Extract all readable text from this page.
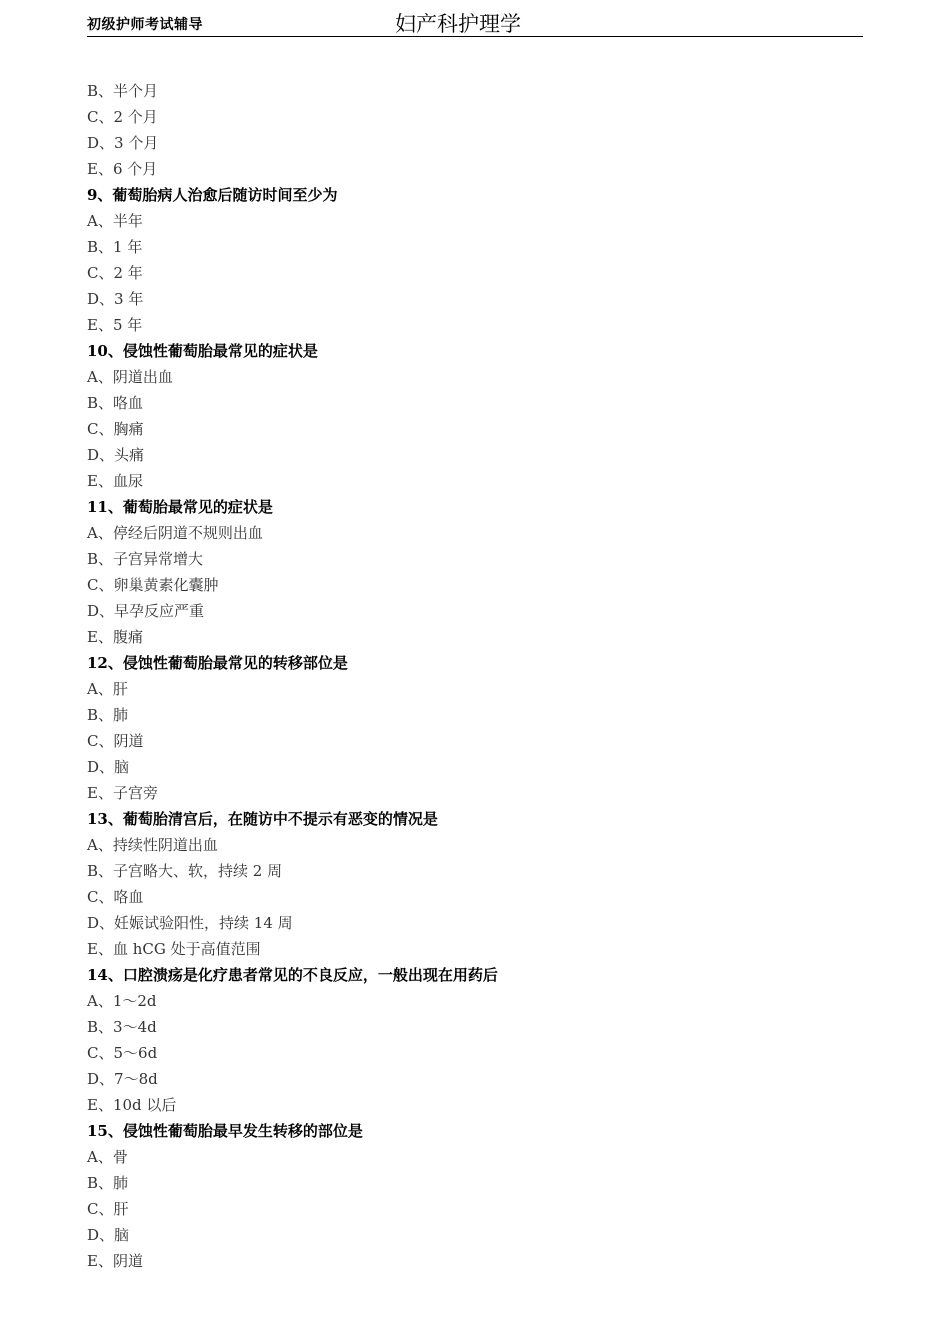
初级护师考试辅导	妇产科护理学
B、半个月
C、2 个月
D、3 个月
E、6 个月
9、葡萄胎病人治愈后随访时间至少为
A、半年
B、1 年
C、2 年
D、3 年
E、5 年
10、侵蚀性葡萄胎最常见的症状是
A、阴道出血
B、咯血
C、胸痛
D、头痛
E、血尿
11、葡萄胎最常见的症状是
A、停经后阴道不规则出血
B、子宫异常增大
C、卵巢黄素化囊肿
D、早孕反应严重
E、腹痛
12、侵蚀性葡萄胎最常见的转移部位是
A、肝
B、肺
C、阴道
D、脑
E、子宫旁
13、葡萄胎清宫后，在随访中不提示有恶变的情况是
A、持续性阴道出血
B、子宫略大、软，持续 2 周
C、咯血
D、妊娠试验阳性，持续 14 周
E、血 hCG 处于高值范围
14、口腔溃疡是化疗患者常见的不良反应，一般出现在用药后
A、1～2d
B、3～4d
C、5～6d
D、7～8d
E、10d 以后
15、侵蚀性葡萄胎最早发生转移的部位是
A、骨
B、肺
C、肝
D、脑
E、阴道
